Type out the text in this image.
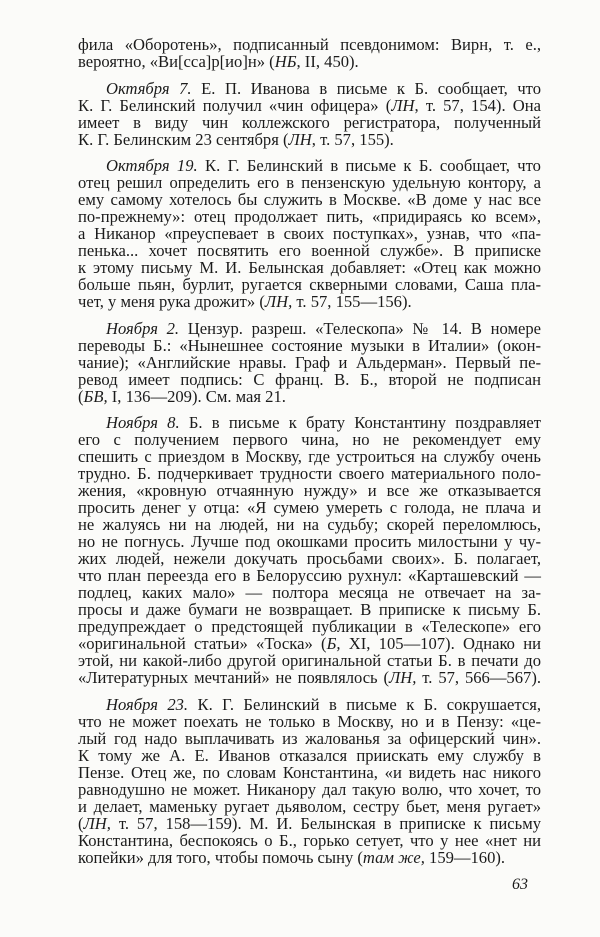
фила «Оборотень», подписанный псевдонимом: Вирн, т. е.,
вероятно, «Ви[сса]р[ио]н» (НБ, II, 450).
Октября 7. Е. П. Иванова в письме к Б. сообщает, что
К. Г. Белинский получил «чин офицера» (ЛН, т. 57, 154). Она
имеет в виду чин коллежского регистратора, полученный
К. Г. Белинским 23 сентября (ЛН, т. 57, 155).
Октября 19. К. Г. Белинский в письме к Б. сообщает, что
отец решил определить его в пензенскую удельную контору, а
ему самому хотелось бы служить в Москве. «В доме у нас все
по-прежнему»: отец продолжает пить, «придираясь ко всем»,
а Никанор «преуспевает в своих поступках», узнав, что «па-
пенька... хочет посвятить его военной службе». В приписке
к этому письму М. И. Белынская добавляет: «Отец как можно
больше пьян, бурлит, ругается скверными словами, Саша пла-
чет, у меня рука дрожит» (ЛН, т. 57, 155—156).
Ноября 2. Цензур. разреш. «Телескопа» № 14. В номере
переводы Б.: «Нынешнее состояние музыки в Италии» (окон-
чание); «Английские нравы. Граф и Альдерман». Первый пе-
ревод имеет подпись: С франц. В. Б., второй не подписан
(БВ, I, 136—209). См. мая 21.
Ноября 8. Б. в письме к брату Константину поздравляет
его с получением первого чина, но не рекомендует ему
спешить с приездом в Москву, где устроиться на службу очень
трудно. Б. подчеркивает трудности своего материального поло-
жения, «кровную отчаянную нужду» и все же отказывается
просить денег у отца: «Я сумею умереть с голода, не плача и
не жалуясь ни на людей, ни на судьбу; скорей переломлюсь,
но не погнусь. Лучше под окошками просить милостыни у чу-
жих людей, нежели докучать просьбами своих». Б. полагает,
что план переезда его в Белоруссию рухнул: «Карташевский —
подлец, каких мало» — полтора месяца не отвечает на за-
просы и даже бумаги не возвращает. В приписке к письму Б.
предупреждает о предстоящей публикации в «Телескопе» его
«оригинальной статьи» «Тоска» (Б, XI, 105—107). Однако ни
этой, ни какой-либо другой оригинальной статьи Б. в печати до
«Литературных мечтаний» не появлялось (ЛН, т. 57, 566—567).
Ноября 23. К. Г. Белинский в письме к Б. сокрушается,
что не может поехать не только в Москву, но и в Пензу: «це-
лый год надо выплачивать из жалованья за офицерский чин».
К тому же А. Е. Иванов отказался приискать ему службу в
Пензе. Отец же, по словам Константина, «и видеть нас никого
равнодушно не может. Никанору дал такую волю, что хочет, то
и делает, маменьку ругает дьяволом, сестру бьет, меня ругает»
(ЛН, т. 57, 158—159). М. И. Белынская в приписке к письму
Константина, беспокоясь о Б., горько сетует, что у нее «нет ни
копейки» для того, чтобы помочь сыну (там же, 159—160).
63
